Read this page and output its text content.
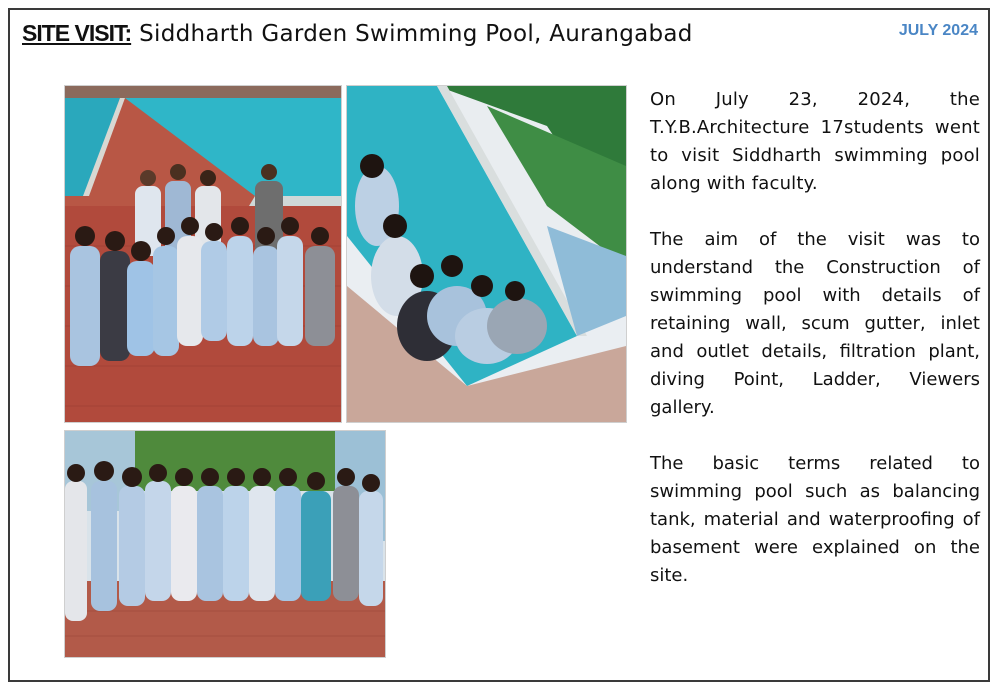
SITE VISIT: Siddharth Garden Swimming Pool, Aurangabad	JULY 2024

On July 23, 2024, the T.Y.B.Architecture 17students went to visit Siddharth swimming pool along with faculty.

The aim of the visit was to understand the Construction of swimming pool with details of retaining wall, scum gutter, inlet and outlet details, filtration plant, diving Point, Ladder, Viewers gallery.

The basic terms related to swimming pool such as balancing tank, material and waterproofing of basement were explained on the site.
